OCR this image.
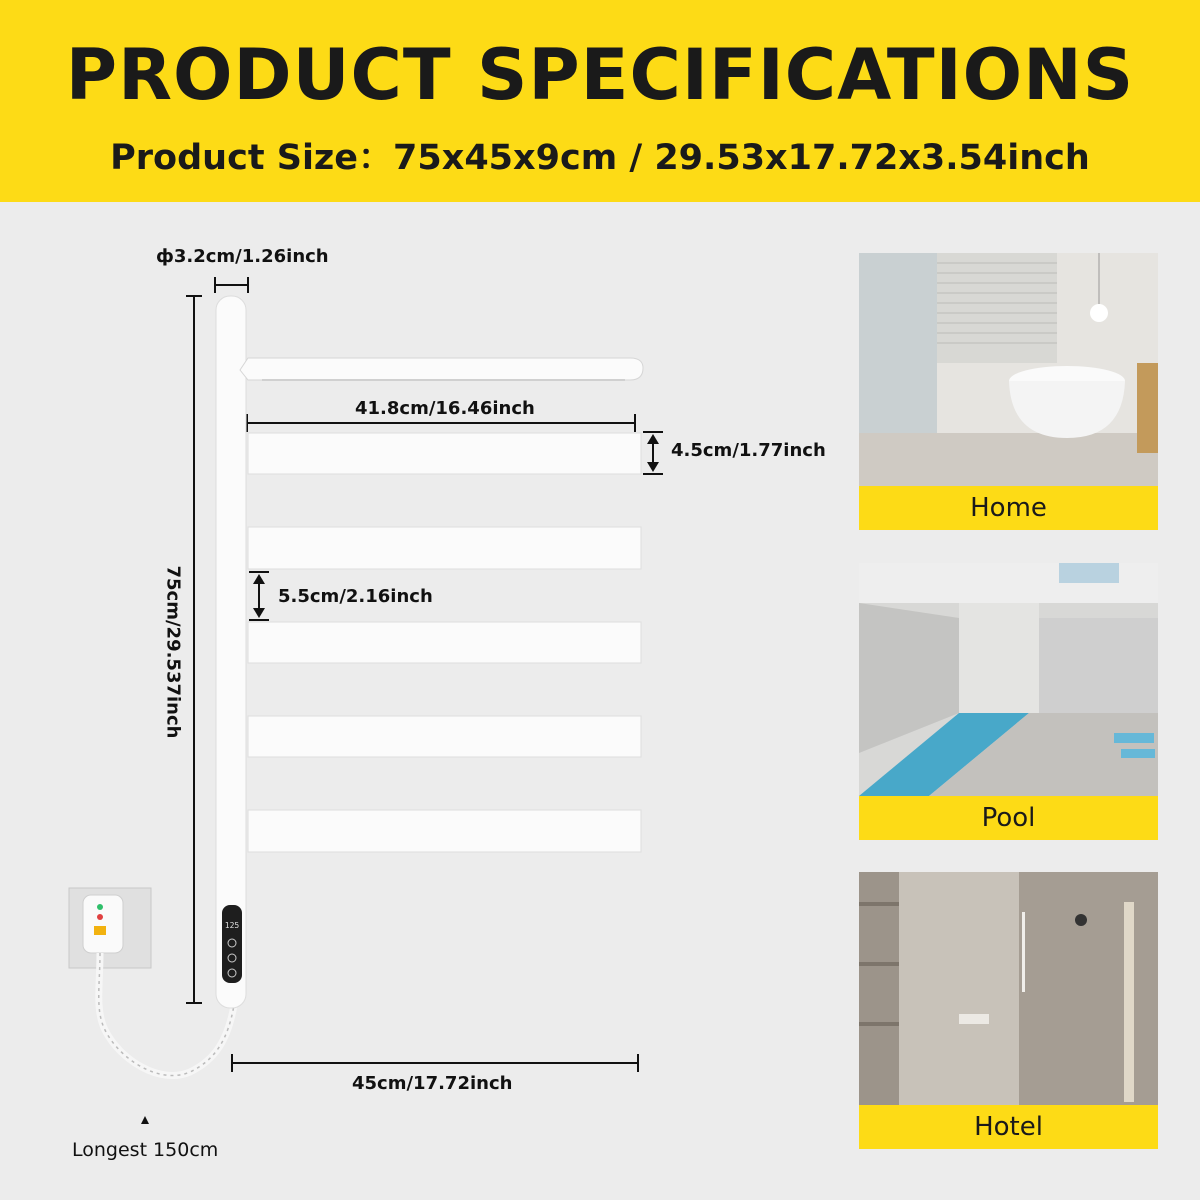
PRODUCT SPECIFICATIONS
Product Size：75x45x9cm / 29.53x17.72x3.54inch
125
ф3.2cm/1.26inch
75cm/29.537inch
41.8cm/16.46inch
4.5cm/1.77inch
5.5cm/2.16inch
45cm/17.72inch
Longest 150cm
Home
Pool
Hotel
